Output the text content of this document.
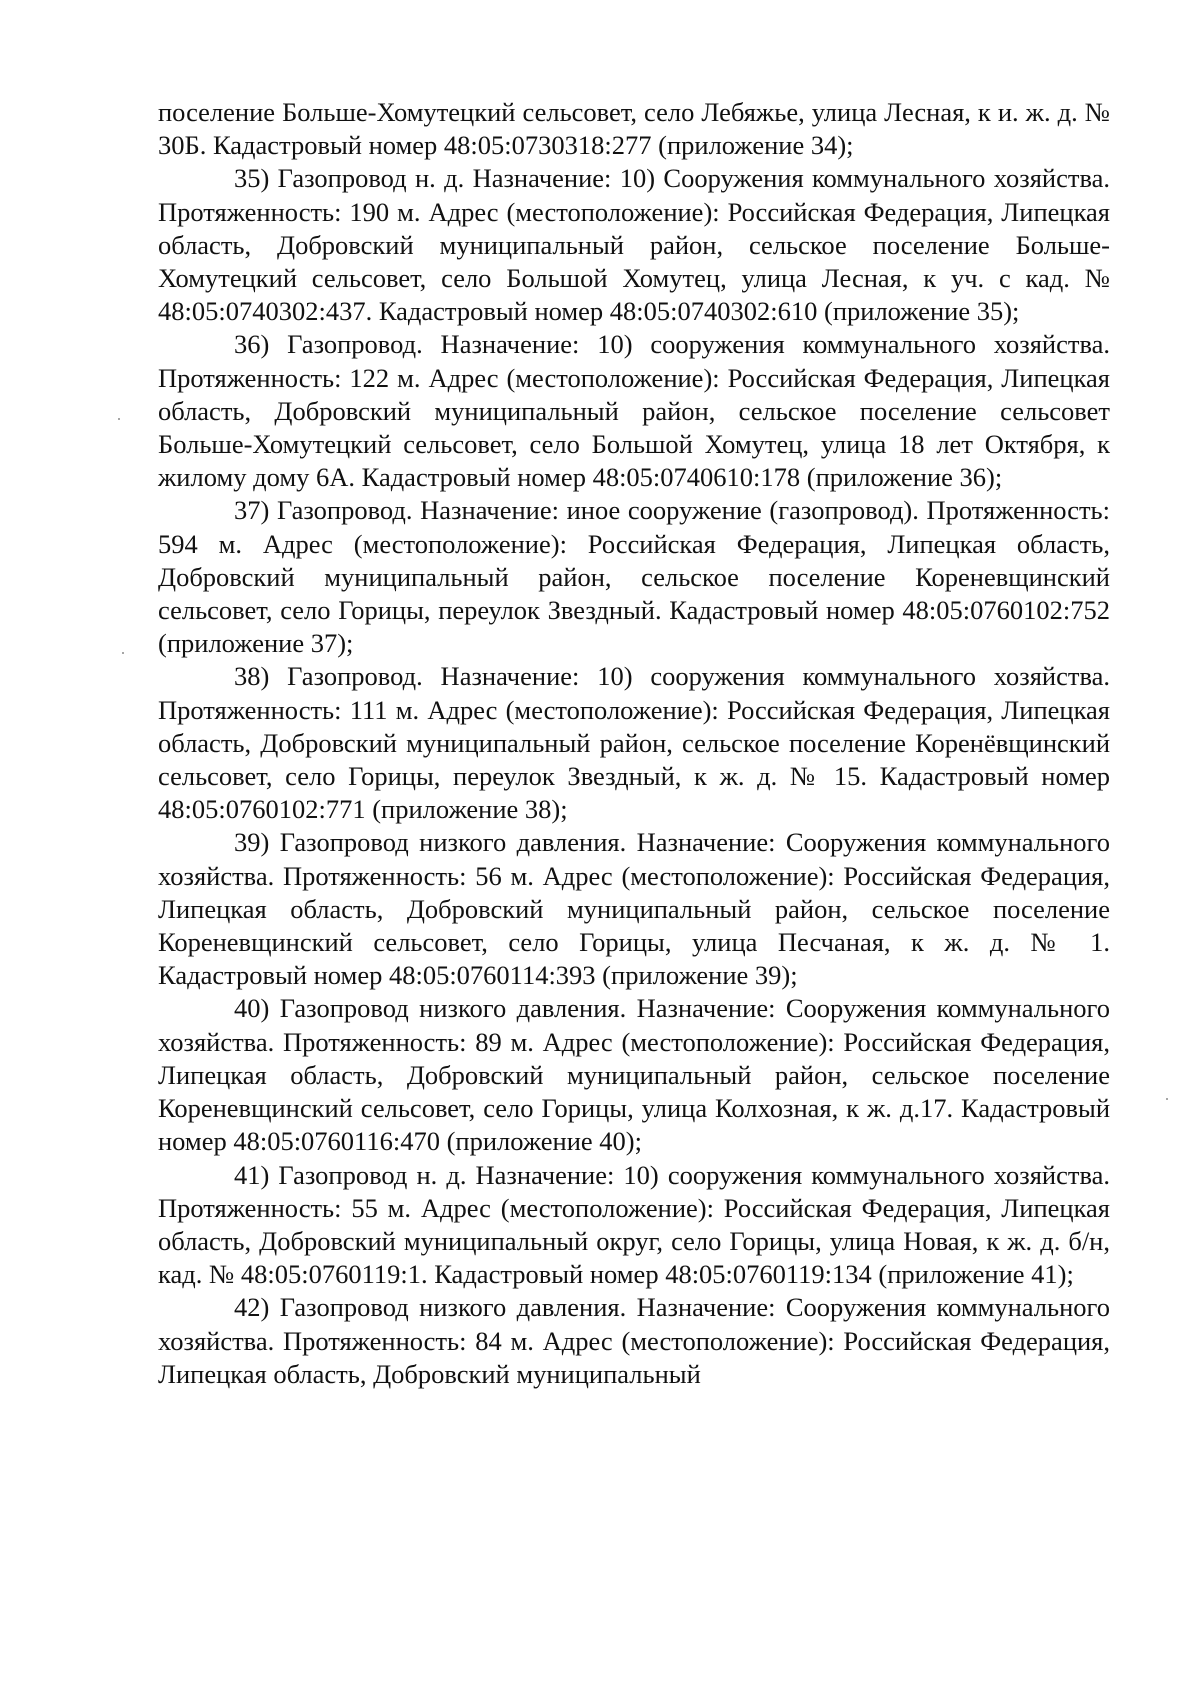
поселение Больше-Хомутецкий сельсовет, село Лебяжье, улица Лесная, к и. ж. д. № 30Б. Кадастровый номер 48:05:0730318:277 (приложение 34);

35) Газопровод н. д. Назначение: 10) Сооружения коммунального хозяйства. Протяженность: 190 м. Адрес (местоположение): Российская Федерация, Липецкая область, Добровский муниципальный район, сельское поселение Больше-Хомутецкий сельсовет, село Большой Хомутец, улица Лесная, к уч. с кад. № 48:05:0740302:437. Кадастровый номер 48:05:0740302:610 (приложение 35);

36) Газопровод. Назначение: 10) сооружения коммунального хозяйства. Протяженность: 122 м. Адрес (местоположение): Российская Федерация, Липецкая область, Добровский муниципальный район, сельское поселение сельсовет Больше-Хомутецкий сельсовет, село Большой Хомутец, улица 18 лет Октября, к жилому дому 6А. Кадастровый номер 48:05:0740610:178 (приложение 36);

37) Газопровод. Назначение: иное сооружение (газопровод). Протяженность: 594 м. Адрес (местоположение): Российская Федерация, Липецкая область, Добровский муниципальный район, сельское поселение Кореневщинский сельсовет, село Горицы, переулок Звездный. Кадастровый номер 48:05:0760102:752 (приложение 37);

38) Газопровод. Назначение: 10) сооружения коммунального хозяйства. Протяженность: 111 м. Адрес (местоположение): Российская Федерация, Липецкая область, Добровский муниципальный район, сельское поселение Коренёвщинский сельсовет, село Горицы, переулок Звездный, к ж. д. № 15. Кадастровый номер 48:05:0760102:771 (приложение 38);

39) Газопровод низкого давления. Назначение: Сооружения коммунального хозяйства. Протяженность: 56 м. Адрес (местоположение): Российская Федерация, Липецкая область, Добровский муниципальный район, сельское поселение Кореневщинский сельсовет, село Горицы, улица Песчаная, к ж. д. № 1. Кадастровый номер 48:05:0760114:393 (приложение 39);

40) Газопровод низкого давления. Назначение: Сооружения коммунального хозяйства. Протяженность: 89 м. Адрес (местоположение): Российская Федерация, Липецкая область, Добровский муниципальный район, сельское поселение Кореневщинский сельсовет, село Горицы, улица Колхозная, к ж. д.17. Кадастровый номер 48:05:0760116:470 (приложение 40);

41) Газопровод н. д. Назначение: 10) сооружения коммунального хозяйства. Протяженность: 55 м. Адрес (местоположение): Российская Федерация, Липецкая область, Добровский муниципальный округ, село Горицы, улица Новая, к ж. д. б/н, кад. № 48:05:0760119:1. Кадастровый номер 48:05:0760119:134 (приложение 41);

42) Газопровод низкого давления. Назначение: Сооружения коммунального хозяйства. Протяженность: 84 м. Адрес (местоположение): Российская Федерация, Липецкая область, Добровский муниципальный
